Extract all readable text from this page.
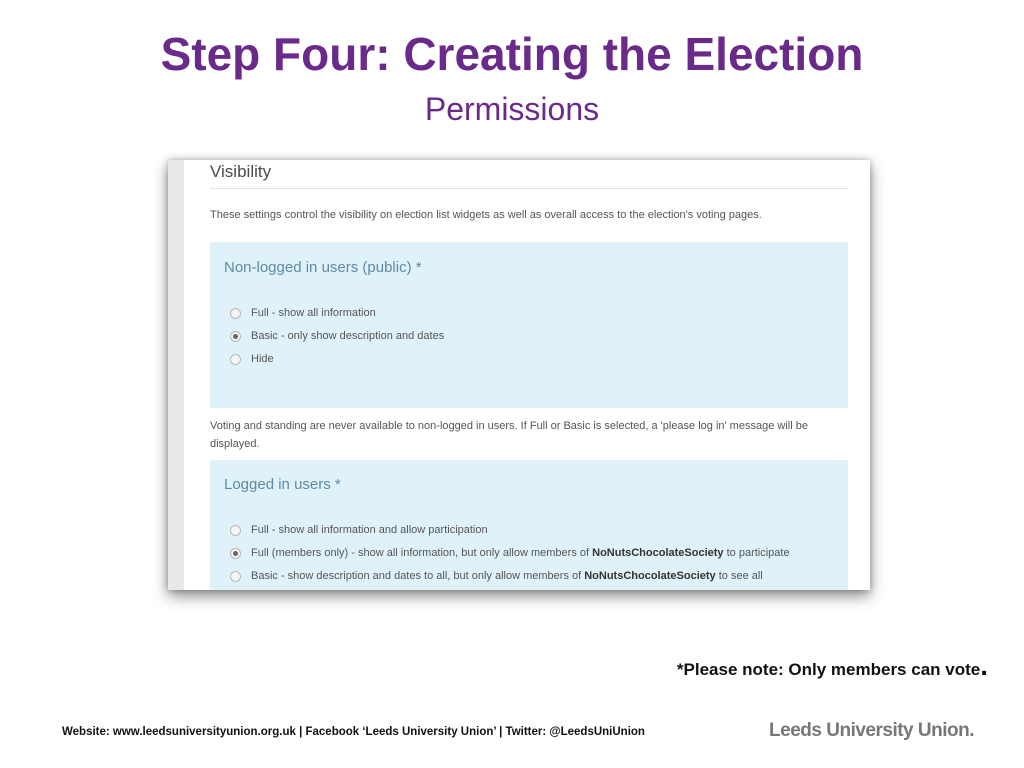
Step Four: Creating the Election
Permissions
Visibility
These settings control the visibility on election list widgets as well as overall access to the election's voting pages.
Non-logged in users (public) *
Full - show all information
Basic - only show description and dates
Hide
Voting and standing are never available to non-logged in users. If Full or Basic is selected, a 'please log in' message will be displayed.
Logged in users *
Full - show all information and allow participation
Full (members only) - show all information, but only allow members of
NoNutsChocolateSociety
to participate
Basic - show description and dates to all, but only allow members of
NoNutsChocolateSociety
to see all
*Please note: Only members can vote.
Website: www.leedsuniversityunion.org.uk | Facebook ‘Leeds University Union’ | Twitter: @LeedsUniUnion	Leeds University Union.
